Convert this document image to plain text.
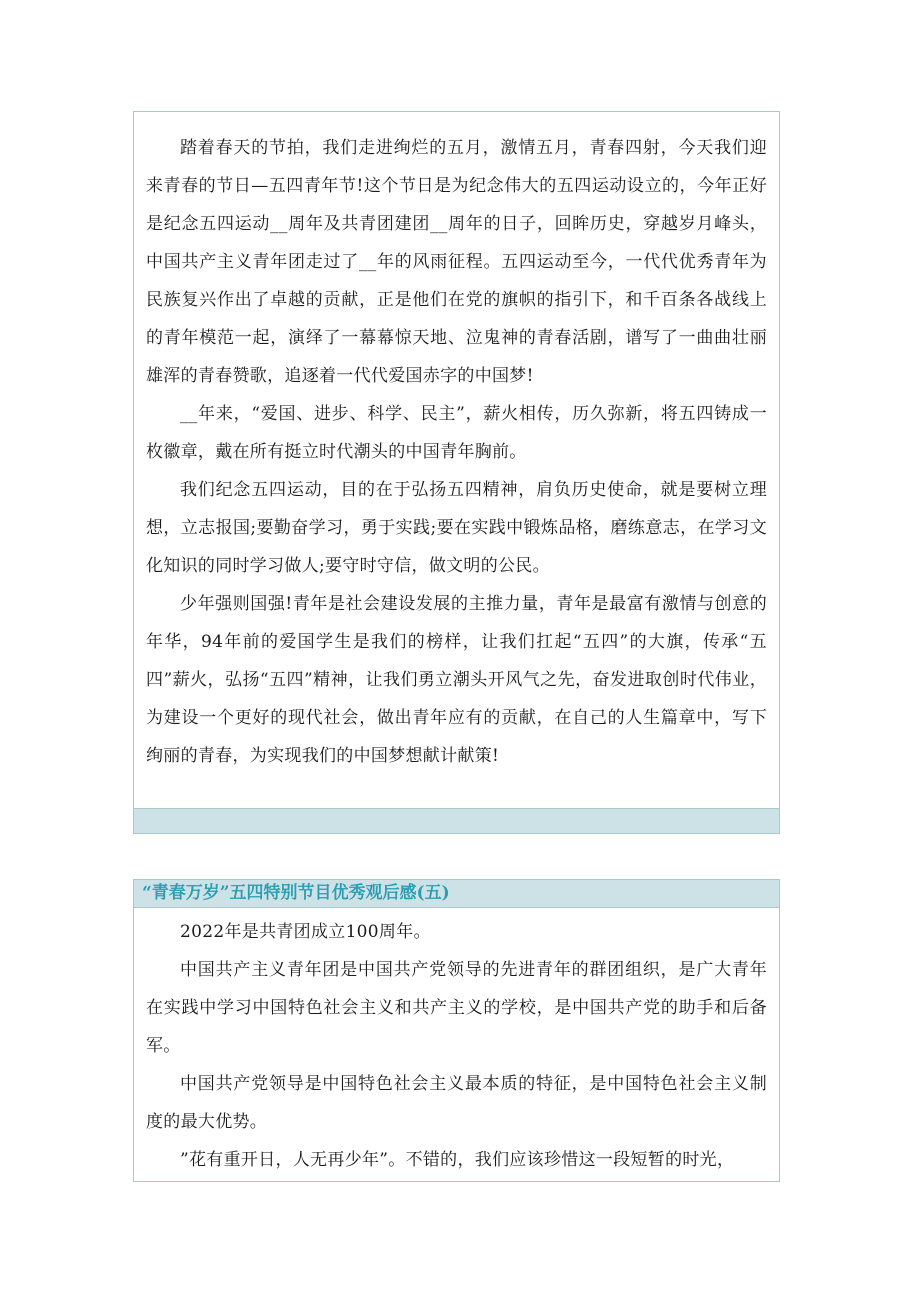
踏着春天的节拍，我们走进绚烂的五月，激情五月，青春四射，今天我们迎来青春的节日—五四青年节!这个节日是为纪念伟大的五四运动设立的，今年正好是纪念五四运动__周年及共青团建团__周年的日子，回眸历史，穿越岁月峰头，中国共产主义青年团走过了__年的风雨征程。五四运动至今，一代代优秀青年为民族复兴作出了卓越的贡献，正是他们在党的旗帜的指引下，和千百条各战线上的青年模范一起，演绎了一幕幕惊天地、泣鬼神的青春活剧，谱写了一曲曲壮丽雄浑的青春赞歌，追逐着一代代爱国赤字的中国梦!

__年来，“爱国、进步、科学、民主”，薪火相传，历久弥新，将五四铸成一枚徽章，戴在所有挺立时代潮头的中国青年胸前。

我们纪念五四运动，目的在于弘扬五四精神，肩负历史使命，就是要树立理想，立志报国;要勤奋学习，勇于实践;要在实践中锻炼品格，磨练意志，在学习文化知识的同时学习做人;要守时守信，做文明的公民。

少年强则国强!青年是社会建设发展的主推力量，青年是最富有激情与创意的年华，94年前的爱国学生是我们的榜样，让我们扛起“五四”的大旗，传承“五四”薪火，弘扬“五四”精神，让我们勇立潮头开风气之先，奋发进取创时代伟业，为建设一个更好的现代社会，做出青年应有的贡献，在自己的人生篇章中，写下绚丽的青春，为实现我们的中国梦想献计献策!

“青春万岁”五四特别节目优秀观后感(五)

2022年是共青团成立100周年。

中国共产主义青年团是中国共产党领导的先进青年的群团组织，是广大青年在实践中学习中国特色社会主义和共产主义的学校，是中国共产党的助手和后备军。

中国共产党领导是中国特色社会主义最本质的特征，是中国特色社会主义制度的最大优势。

”花有重开日，人无再少年”。不错的，我们应该珍惜这一段短暂的时光，
